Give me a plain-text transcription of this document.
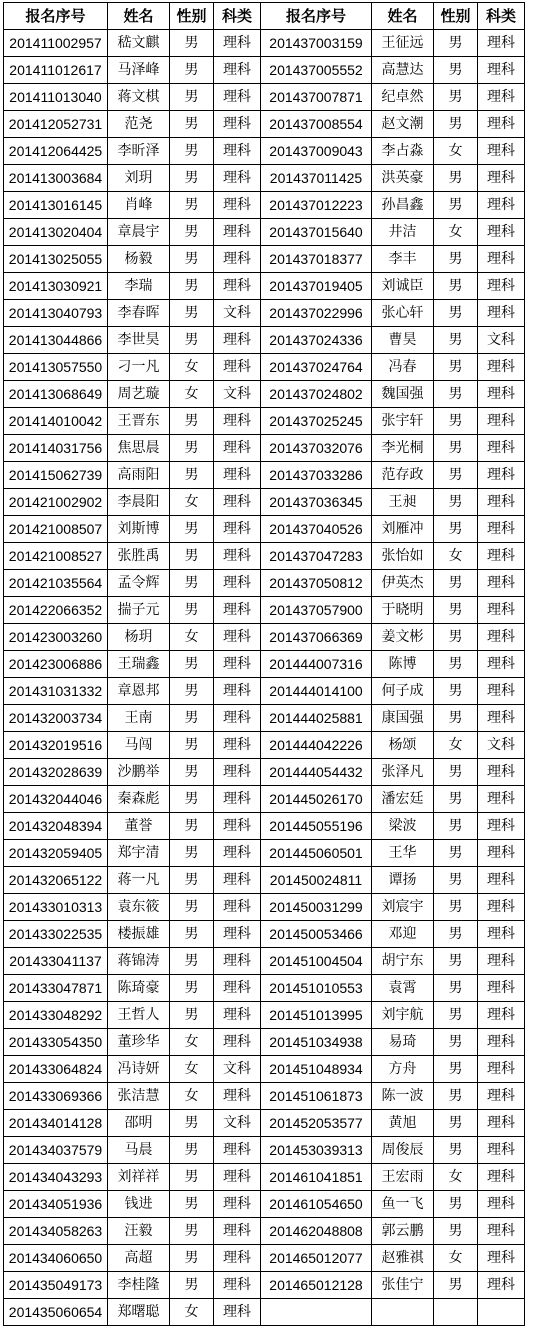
报名序号	姓名	性别	科类	报名序号	姓名	性别	科类
201411002957	嵇文麒	男	理科	201437003159	王征远	男	理科
201411012617	马泽峰	男	理科	201437005552	高慧达	男	理科
201411013040	蒋文棋	男	理科	201437007871	纪卓然	男	理科
201412052731	范尧	男	理科	201437008554	赵文潮	男	理科
201412064425	李昕泽	男	理科	201437009043	李占淼	女	理科
201413003684	刘玥	男	理科	201437011425	洪英豪	男	理科
201413016145	肖峰	男	理科	201437012223	孙昌鑫	男	理科
201413020404	章晨宇	男	理科	201437015640	井洁	女	理科
201413025055	杨毅	男	理科	201437018377	李丰	男	理科
201413030921	李瑞	男	理科	201437019405	刘诚臣	男	理科
201413040793	李春晖	男	文科	201437022996	张心轩	男	理科
201413044866	李世昊	男	理科	201437024336	曹昊	男	文科
201413057550	刁一凡	女	理科	201437024764	冯春	男	理科
201413068649	周艺璇	女	文科	201437024802	魏国强	男	理科
201414010042	王晋东	男	理科	201437025245	张宇轩	男	理科
201414031756	焦思晨	男	理科	201437032076	李光桐	男	理科
201415062739	高雨阳	男	理科	201437033286	范存政	男	理科
201421002902	李晨阳	女	理科	201437036345	王昶	男	理科
201421008507	刘斯博	男	理科	201437040526	刘雁冲	男	理科
201421008527	张胜禹	男	理科	201437047283	张怡如	女	理科
201421035564	孟令辉	男	理科	201437050812	伊英杰	男	理科
201422066352	揣子元	男	理科	201437057900	于晓明	男	理科
201423003260	杨玥	女	理科	201437066369	姜文彬	男	理科
201423006886	王瑞鑫	男	理科	201444007316	陈博	男	理科
201431031332	章恩邦	男	理科	201444014100	何子成	男	理科
201432003734	王南	男	理科	201444025881	康国强	男	理科
201432019516	马闯	男	理科	201444042226	杨颂	女	文科
201432028639	沙鹏举	男	理科	201444054432	张泽凡	男	理科
201432044046	秦森彪	男	理科	201445026170	潘宏廷	男	理科
201432048394	董誉	男	理科	201445055196	梁波	男	理科
201432059405	郑宇清	男	理科	201445060501	王华	男	理科
201432065122	蒋一凡	男	理科	201450024811	谭扬	男	理科
201433010313	袁东筱	男	理科	201450031299	刘宸宇	男	理科
201433022535	楼振雄	男	理科	201450053466	邓迎	男	理科
201433041137	蒋锦涛	男	理科	201451004504	胡宁东	男	理科
201433047871	陈琦豪	男	理科	201451010553	袁霄	男	理科
201433048292	王哲人	男	理科	201451013995	刘宇航	男	理科
201433054350	董珍华	女	理科	201451034938	易琦	男	理科
201433064824	冯诗妍	女	文科	201451048934	方舟	男	理科
201433069366	张洁慧	女	理科	201451061873	陈一波	男	理科
201434014128	邵明	男	文科	201452053577	黄旭	男	理科
201434037579	马晨	男	理科	201453039313	周俊辰	男	理科
201434043293	刘祥祥	男	理科	201461041851	王宏雨	女	理科
201434051936	钱进	男	理科	201461054650	鱼一飞	男	理科
201434058263	汪毅	男	理科	201462048808	郭云鹏	男	理科
201434060650	高超	男	理科	201465012077	赵雅祺	女	理科
201435049173	李桂隆	男	理科	201465012128	张佳宁	男	理科
201435060654	郑曙聪	女	理科				
